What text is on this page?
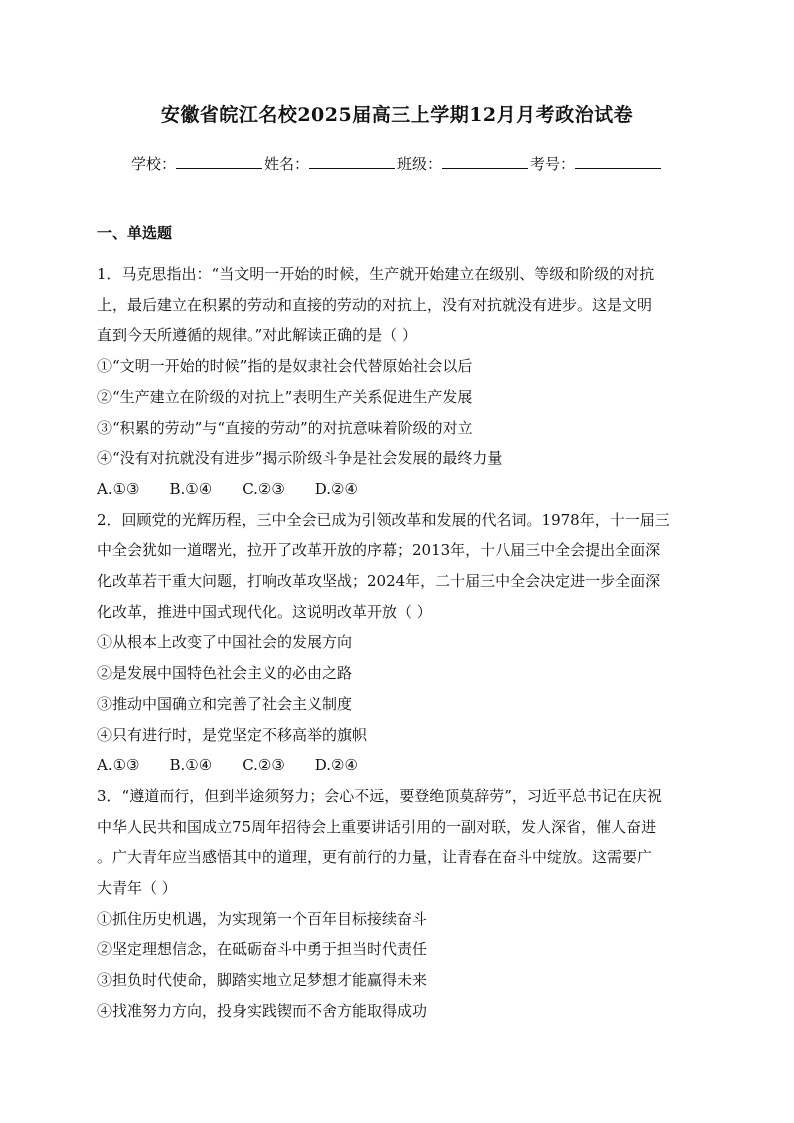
安徽省皖江名校2025届高三上学期12月月考政治试卷
学校：	姓名：	班级：	考号：
一、单选题
1．马克思指出：“当文明一开始的时候，生产就开始建立在级别、等级和阶级的对抗
上，最后建立在积累的劳动和直接的劳动的对抗上，没有对抗就没有进步。这是文明
直到今天所遵循的规律。”对此解读正确的是（ ）
①“文明一开始的时候”指的是奴隶社会代替原始社会以后
②“生产建立在阶级的对抗上”表明生产关系促进生产发展
③“积累的劳动”与“直接的劳动”的对抗意味着阶级的对立
④“没有对抗就没有进步”揭示阶级斗争是社会发展的最终力量
A.①③ B.①④ C.②③ D.②④
2．回顾党的光辉历程，三中全会已成为引领改革和发展的代名词。1978年，十一届三
中全会犹如一道曙光，拉开了改革开放的序幕；2013年，十八届三中全会提出全面深
化改革若干重大问题，打响改革攻坚战；2024年，二十届三中全会决定进一步全面深
化改革，推进中国式现代化。这说明改革开放（ ）
①从根本上改变了中国社会的发展方向
②是发展中国特色社会主义的必由之路
③推动中国确立和完善了社会主义制度
④只有进行时，是党坚定不移高举的旗帜
A.①③ B.①④ C.②③ D.②④
3．“遵道而行，但到半途须努力；会心不远，要登绝顶莫辞劳”，习近平总书记在庆祝
中华人民共和国成立75周年招待会上重要讲话引用的一副对联，发人深省，催人奋进
。广大青年应当感悟其中的道理，更有前行的力量，让青春在奋斗中绽放。这需要广
大青年（ ）
①抓住历史机遇，为实现第一个百年目标接续奋斗
②坚定理想信念，在砥砺奋斗中勇于担当时代责任
③担负时代使命，脚踏实地立足梦想才能赢得未来
④找准努力方向，投身实践锲而不舍方能取得成功
